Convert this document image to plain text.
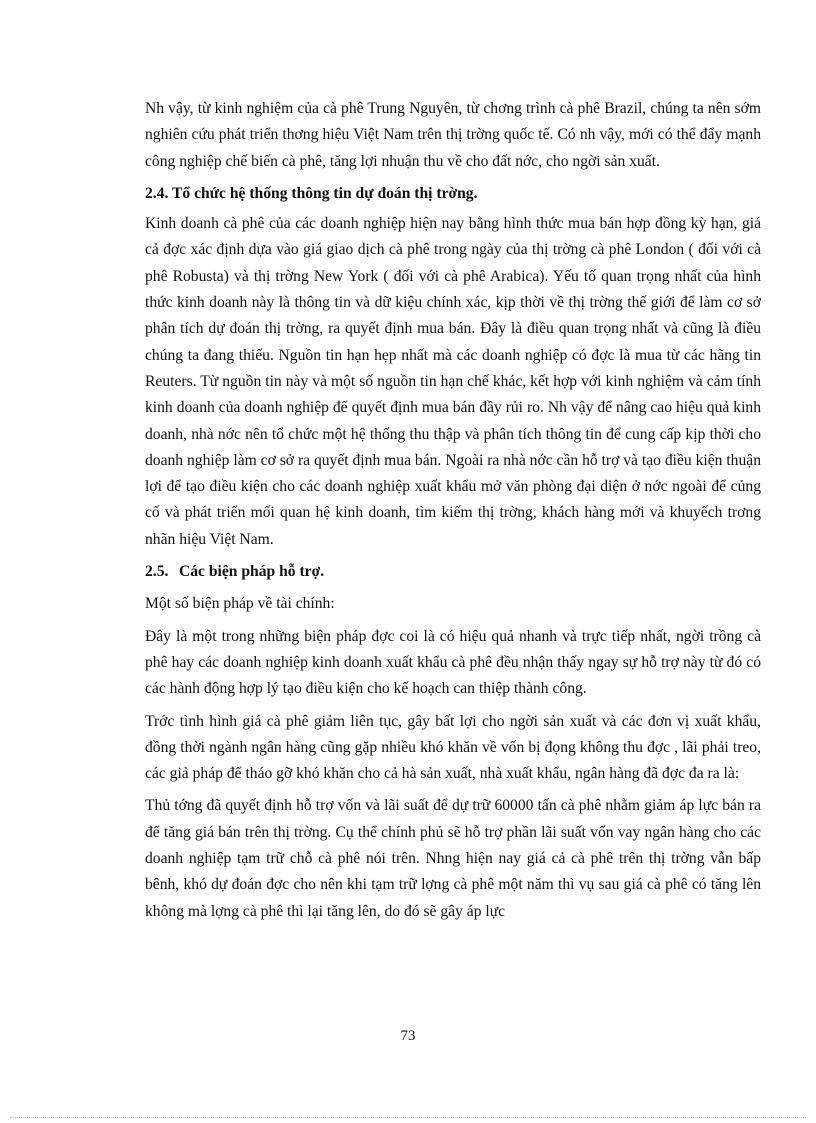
Nh vậy, từ kinh nghiệm của cà phê Trung Nguyên, từ chơng trình cà phê Brazil, chúng ta nên sớm nghiên cứu phát triển thơng hiệu Việt Nam trên thị trờng quốc tế. Có nh vậy, mới có thể đẩy mạnh công nghiệp chế biến cà phê, tăng lợi nhuận thu về cho đất nớc, cho ngời sản xuất.

2.4. Tổ chức hệ thống thông tin dự đoán thị trờng.

Kinh doanh cà phê của các doanh nghiệp hiện nay bằng hình thức mua bán hợp đồng kỳ hạn, giá cả đợc xác định dựa vào giá giao dịch cà phê trong ngày của thị trờng cà phê London ( đối với cà phê Robusta) và thị trờng New York ( đối với cà phê Arabica). Yếu tố quan trọng nhất của hình thức kinh doanh này là thông tin và dữ kiệu chính xác, kịp thời về thị trờng thế giới để làm cơ sở phân tích dự đoán thị trờng, ra quyết định mua bán. Đây là điều quan trọng nhất và cũng là điều chúng ta đang thiếu. Nguồn tin hạn hẹp nhất mà các doanh nghiệp có đợc là mua từ các hãng tin Reuters. Từ nguồn tin này và một số nguồn tin hạn chế khác, kết hợp với kinh nghiệm và cảm tính kinh doanh của doanh nghiệp để quyết định mua bán đầy rủi ro. Nh vậy để nâng cao hiệu quả kinh doanh, nhà nớc nên tổ chức một hệ thống thu thập và phân tích thông tin để cung cấp kịp thời cho doanh nghiệp làm cơ sở ra quyết định mua bán. Ngoài ra nhà nớc cần hỗ trợ và tạo điều kiện thuận lợi để tạo điều kiện cho các doanh nghiệp xuất khẩu mở văn phòng đại diện ở nớc ngoài để củng cố và phát triển mối quan hệ kinh doanh, tìm kiếm thị trờng, khách hàng mới và khuyếch trơng nhãn hiệu Việt Nam.

2.5. Các biện pháp hỗ trợ.

Một số biện pháp về tài chính:

Đây là một trong những biện pháp đợc coi là có hiệu quả nhanh và trực tiếp nhất, ngời trồng cà phê hay các doanh nghiệp kinh doanh xuất khẩu cà phê đều nhận thấy ngay sự hỗ trợ này từ đó có các hành động hợp lý tạo điều kiện cho kế hoạch can thiệp thành công.

Trớc tình hình giá cà phê giảm liên tục, gây bất lợi cho ngời sản xuất và các đơn vị xuất khẩu, đồng thời ngành ngân hàng cũng gặp nhiều khó khăn về vốn bị đọng không thu đợc , lãi phải treo, các giả pháp để tháo gỡ khó khăn cho cả hà sản xuất, nhà xuất khẩu, ngân hàng đã đợc đa ra là:

Thủ tớng đã quyết định hỗ trợ vốn và lãi suất để dự trữ 60000 tấn cà phê nhằm giảm áp lực bán ra để tăng giá bán trên thị trờng. Cụ thể chính phủ sẽ hỗ trợ phần lãi suất vốn vay ngân hàng cho các doanh nghiệp tạm trữ chỗ cà phê nói trên. Nhng hiện nay giá cả cà phê trên thị trờng vẫn bấp bênh, khó dự đoán đợc cho nên khi tạm trữ lợng cà phê một năm thì vụ sau giá cà phê có tăng lên không mà lợng cà phê thì lại tăng lên, do đó sẽ gây áp lực

73
